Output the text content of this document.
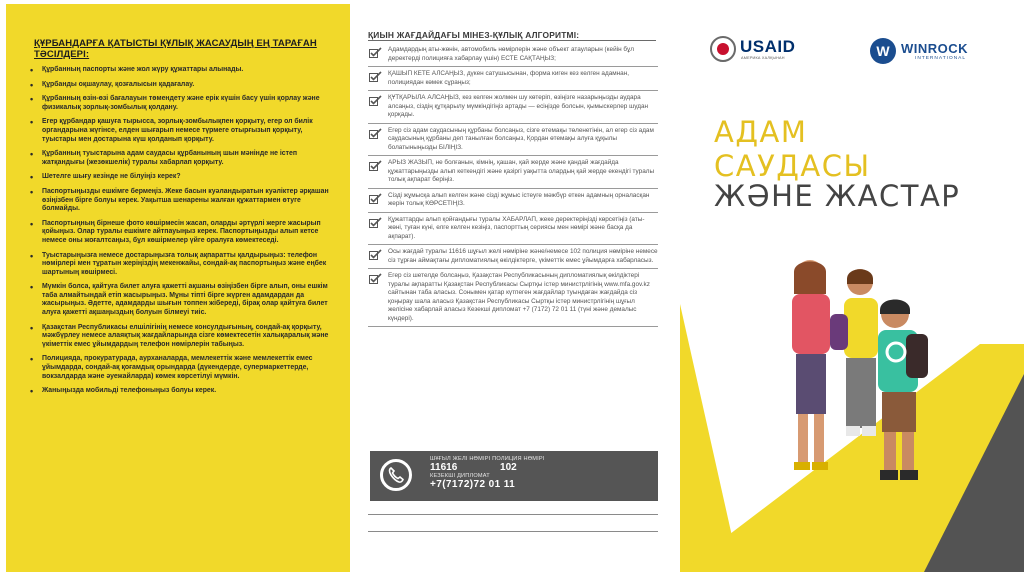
ҚҰРБАНДАРҒА ҚАТЫСТЫ ҚҰЛЫҚ ЖАСАУДЫҢ ЕҢ ТАРАҒАН ТӘСІЛДЕРІ:
• Құрбанның паспорты және жол жүру құжаттары алынады.
• Құрбанды оқшаулау, қозғалысын қадағалау.
• Құрбанның өзін-өзі бағалауын төмендету және ерік күшін басу үшін қорлау және физикалық зорлық-зомбылық қолдану.
• Егер құрбандар қашуға тырысса, зорлық-зомбылықпен қорқыту, егер ол билік органдарына жүгінсе, елден шығарып немесе түрмеге отырғызып қорқыту, туыстары мен достарына күш қолданып қорқыту.
• Құрбанның туыстарына адам саудасы құрбанының шын мәнінде не істеп жатқандығы (жезөкшелік) туралы хабарлап қорқыту.
• Шетелге шығу кезінде не білуіңіз керек?
• Паспортыңызды ешкімге бермеңіз. Жеке басын куәландыратын куәліктер әрқашан өзіңізбен бірге болуы керек. Уақытша шенарены жалған құжаттармен өтуге болмайды.
• Паспортыңның бірнеше фото көшірмесін жасап, оларды әртүрлі жерге жасырып қойыңыз. Олар туралы ешкімге айтпауыңыз керек. Паспортыңызды алып кетсе немесе оны жоғалтсаңыз, бұл көшірмелер үйге оралуға көмектеседі.
• Туыстарыңызға немесе достарыңызға толық ақпаратты қалдырыңыз: телефон нөмірлері мен тұратын жеріңіздің мекенжайы, сондай-ақ паспортыңыз және еңбек шартының көшірмесі.
• Мүмкін болса, қайтуға билет алуға қажетті ақшаны өзіңізбен бірге алып, оны ешкім таба алмайтындай етіп жасырыңыз. Мұны тіпті бірге жүрген адамдардан да жасырыңыз. Әдетте, адамдарды шығын топпен жібереді, бірақ олар қайтуға билет алуға қажетті ақшаңыздың болуын білмеуі тиіс.
• Қазақстан Республикасы елшілігінің немесе консулдығының, сондай-ақ қорқыту, мәжбүрлеу немесе алаяқтық жағдайларында сізге көмектесетін халықаралық және үкіметтік емес ұйымдардың телефон нөмірлерін табыңыз.
• Полицияда, прокуратурада, аурханаларда, мемлекеттік және мемлекеттік емес ұйымдарда, сондай-ақ қоғамдық орындарда (дүкендерде, супермаркеттерде, вокзалдарда және әуежайларда) көмек көрсетілуі мүмкін.
• Жаныңызда мобильді телефоныңыз болуы керек.
ҚИЫН ЖАҒДАЙДАҒЫ МІНЕЗ-ҚҰЛЫҚ АЛГОРИТМІ:
Адамдардың аты-жөнін, автомобиль нөмірлерін және объект атауларын (кейін бұл деректерді полицияға хабарлау үшін) ЕСТЕ САҚТАҢЫЗ;
ҚАШЫП КЕТЕ АЛСАҢЫЗ, дүкен сатушысынан, форма киген кез келген адамнан, полициядан көмек сұраңыз;
ҚҰТҚАРЫЛА АЛСАҢЫЗ, кез келген жолмен шу көтеріп, өзіңізге назарыңызды аудара алсаңыз, сіздің құтқарылу мүмкіндігіңіз артады — есіңізде болсын, қымыскерлер шудан қорқады.
Егер сіз адам саудасының құрбаны болсаңыз, сізге өтемақы төленетінін, ал егер сіз адам саудасының құрбаны деп танылған болсаңыз, Қордан өтемақы алуға құқылы болатыныңызды БІЛІҢІЗ.
АРЫЗ ЖАЗЫП, не болғанын, кімнің, қашан, қай жерде және қандай жағдайда құжаттарыңызды алып кеткендігі және қазіргі уақытта олардың қай жерде екендігі туралы толық ақпарат беріңіз.
Сізді жұмысқа алып келген және сізді жұмыс істеуге мәжбүр еткен адамның орналасқан жерін толық КӨРСЕТІҢІЗ.
Құжаттарды алып қойғандығы туралы ХАБАРЛАП, жеке деректеріңізді көрсетіңіз (аты-жөні, туған күні, елге келген кезіңіз, паспорттың сериясы мен нөмірі және басқа да ақпарат).
Осы жағдай туралы 11616 шұғыл желі нөміріне және/немесе 102 полиция нөміріне немесе сіз тұрған аймақтағы дипломатиялық өкілдіктерге, үкіметтік емес ұйымдарға хабарласыз.
Егер сіз шетелде болсаңыз, Қазақстан Республикасының дипломатиялық өкілдіктері туралы ақпаратты Қазақстан Республикасы Сыртқы істер министрлігінің www.mfa.gov.kz сайтынан таба аласыз. Сонымен қатар күтпеген жағдайлар туындаған жағдайда сіз қоңырау шала аласыз Қазақстан Республикасы Сыртқы істер министрлігінің шұғыл желісіне хабарлай аласыз Кезекші дипломат +7 (7172) 72 01 11 (түні және демалыс күндері).
ШҰҒЫЛ ЖЕЛІ НӨМІРІ ПОЛИЦИЯ НӨМІРІ
11616 102
КЕЗЕКШІ ДИПЛОМАТ
+7(7172)72 01 11
USAID
АМЕРИКА ХАЛҚЫНАН	W WINROCK
INTERNATIONAL
АДАМ
САУДАСЫ
ЖӘНЕ ЖАСТАР
